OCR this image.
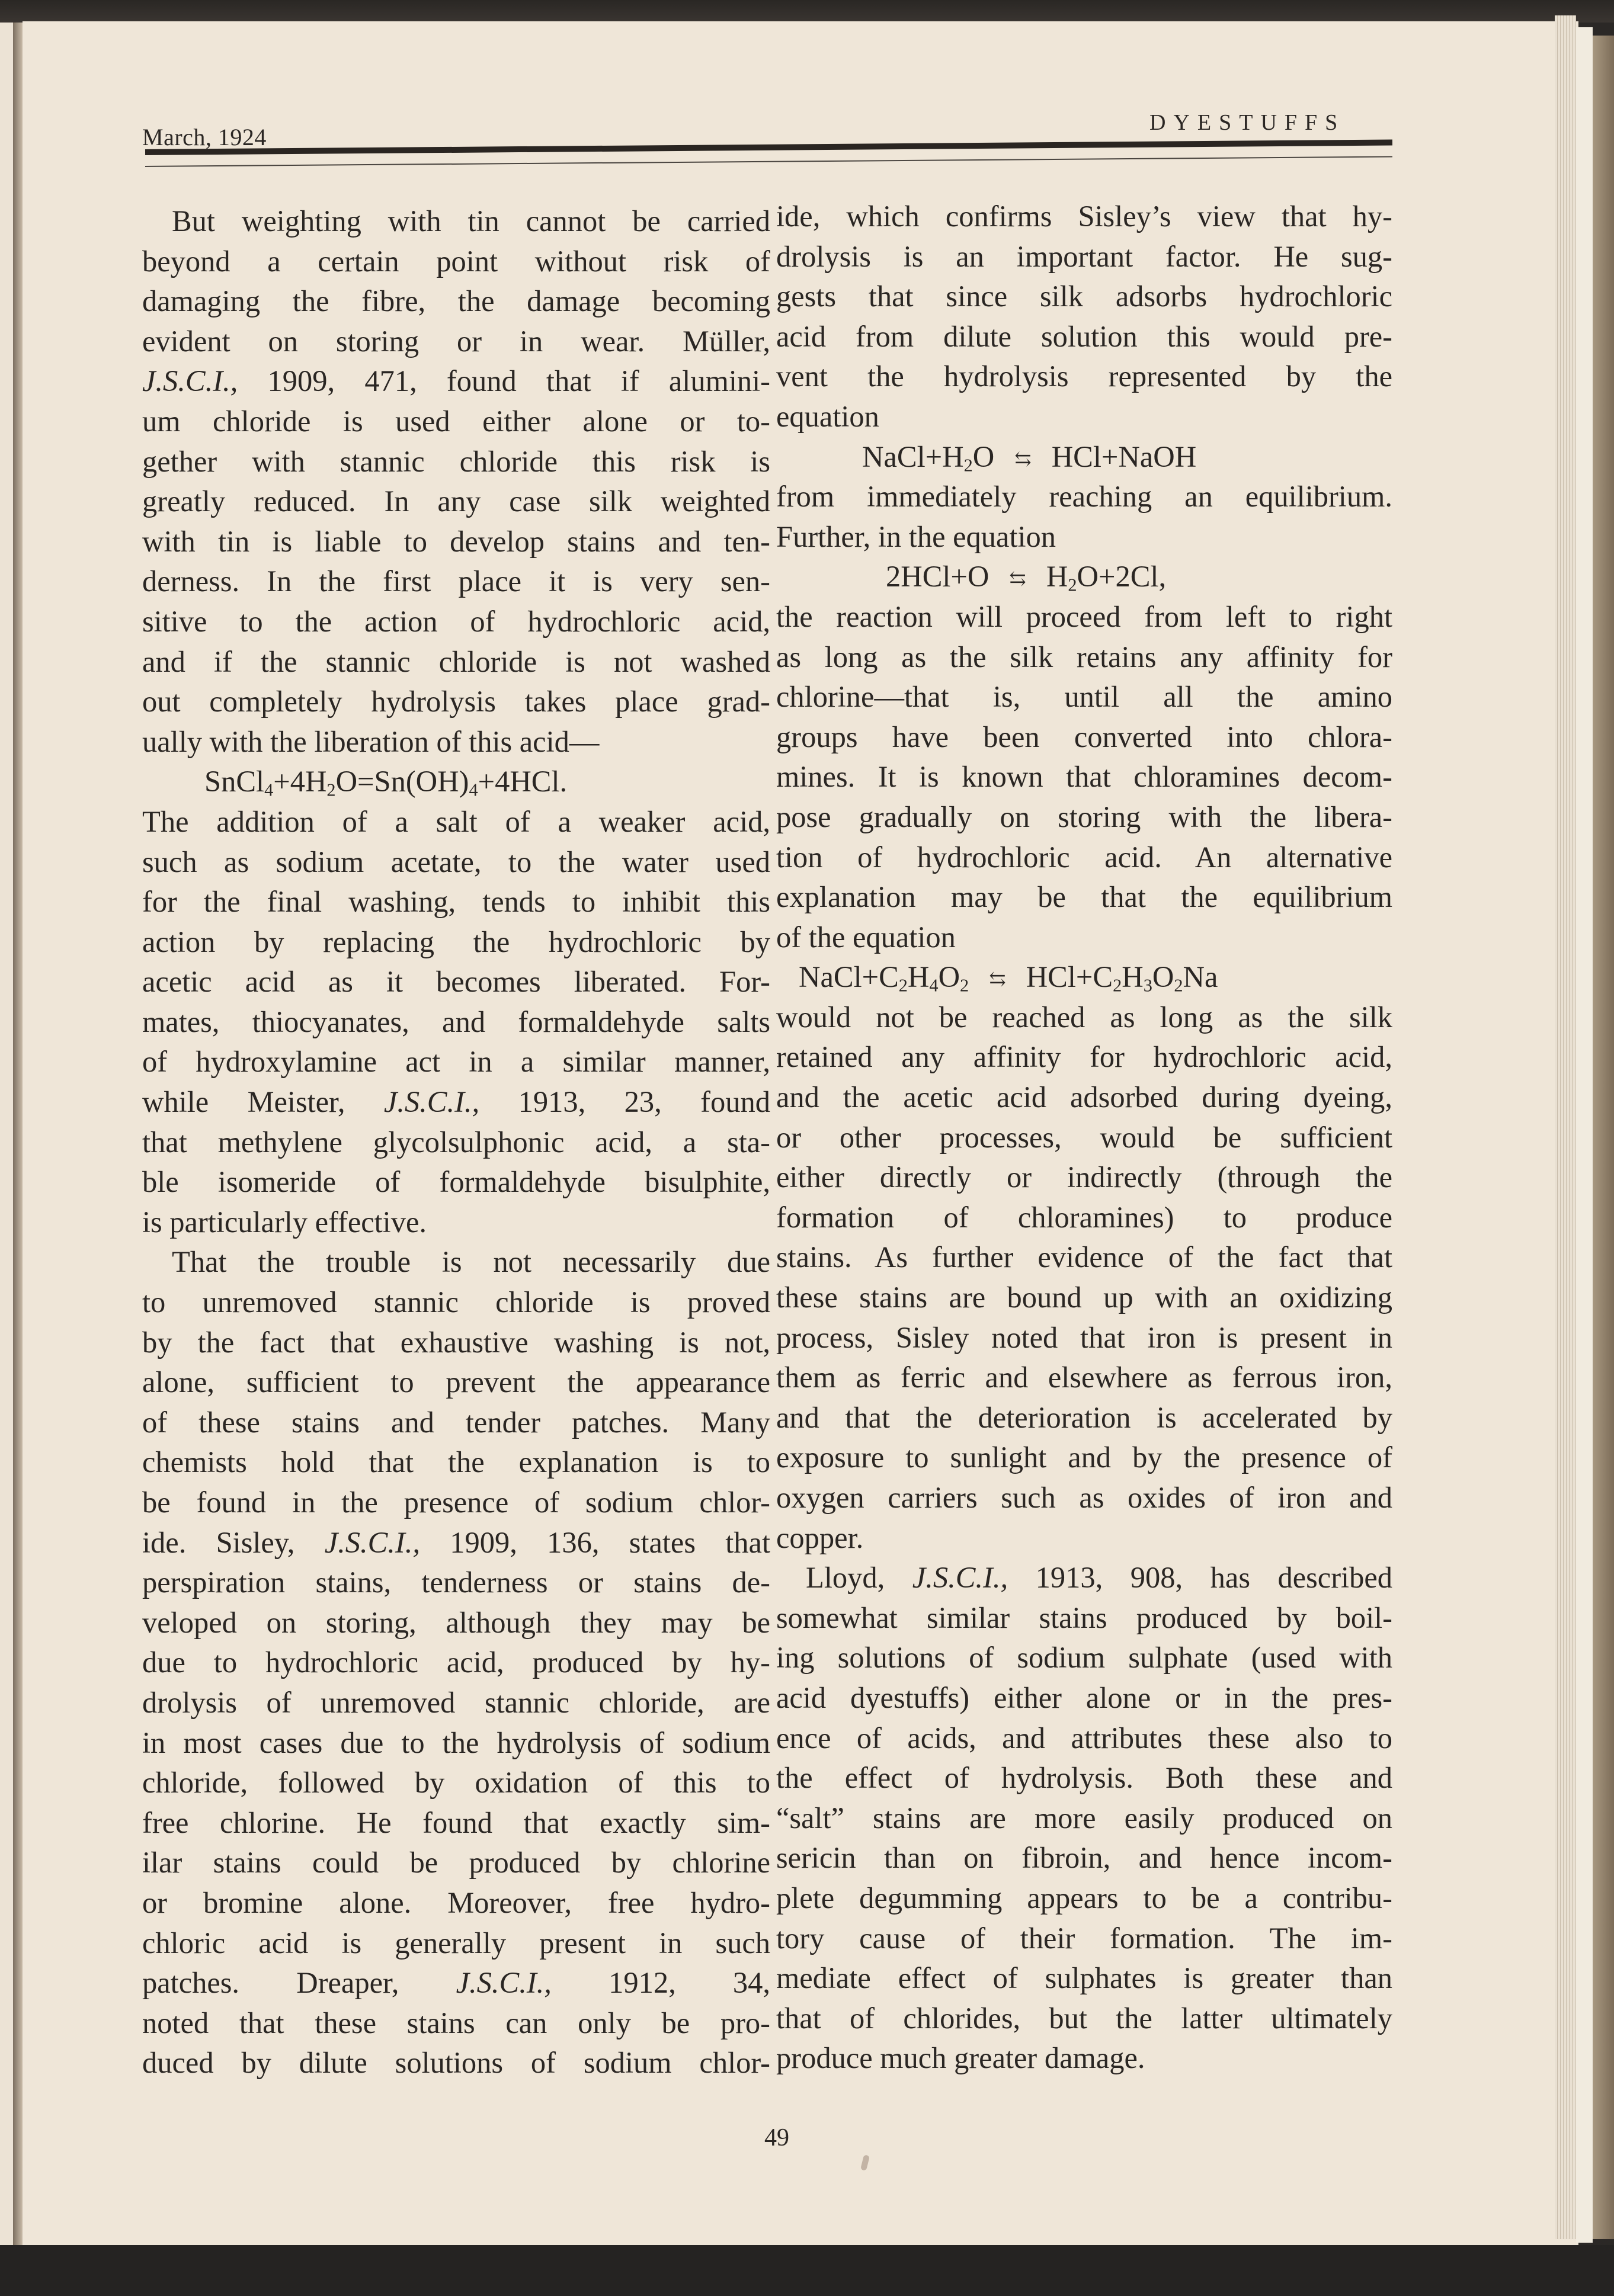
March, 1924
DYESTUFFS
But weighting with tin cannot be carried
beyond a certain point without risk of
damaging the fibre, the damage becoming
evident on storing or in wear. Müller,
J.S.C.I., 1909, 471, found that if alumini-
um chloride is used either alone or to-
gether with stannic chloride this risk is
greatly reduced. In any case silk weighted
with tin is liable to develop stains and ten-
derness. In the first place it is very sen-
sitive to the action of hydrochloric acid,
and if the stannic chloride is not washed
out completely hydrolysis takes place grad-
ually with the liberation of this acid—
$SnCl_4+4H_2O=Sn(OH)_4+4HCl$.
The addition of a salt of a weaker acid,
such as sodium acetate, to the water used
for the final washing, tends to inhibit this
action by replacing the hydrochloric by
acetic acid as it becomes liberated. For-
mates, thiocyanates, and formaldehyde salts
of hydroxylamine act in a similar manner,
while Meister, J.S.C.I., 1913, 23, found
that methylene glycolsulphonic acid, a sta-
ble isomeride of formaldehyde bisulphite,
is particularly effective.
That the trouble is not necessarily due
to unremoved stannic chloride is proved
by the fact that exhaustive washing is not,
alone, sufficient to prevent the appearance
of these stains and tender patches. Many
chemists hold that the explanation is to
be found in the presence of sodium chlor-
ide. Sisley, J.S.C.I., 1909, 136, states that
perspiration stains, tenderness or stains de-
veloped on storing, although they may be
due to hydrochloric acid, produced by hy-
drolysis of unremoved stannic chloride, are
in most cases due to the hydrolysis of sodium
chloride, followed by oxidation of this to
free chlorine. He found that exactly sim-
ilar stains could be produced by chlorine
or bromine alone. Moreover, free hydro-
chloric acid is generally present in such
patches. Dreaper, J.S.C.I., 1912, 34,
noted that these stains can only be pro-
duced by dilute solutions of sodium chlor-
ide, which confirms Sisley’s view that hy-
drolysis is an important factor. He sug-
gests that since silk adsorbs hydrochloric
acid from dilute solution this would pre-
vent the hydrolysis represented by the
equation
$NaCl+H_2O$ ⇆ HCl+NaOH
from immediately reaching an equilibrium.
Further, in the equation
2HCl+O ⇆ $H_2O+2Cl$,
the reaction will proceed from left to right
as long as the silk retains any affinity for
chlorine—that is, until all the amino
groups have been converted into chlora-
mines. It is known that chloramines decom-
pose gradually on storing with the libera-
tion of hydrochloric acid. An alternative
explanation may be that the equilibrium
of the equation
$NaCl+C_2H_4O_2$ ⇆ $HCl+C_2H_3O_2Na$
would not be reached as long as the silk
retained any affinity for hydrochloric acid,
and the acetic acid adsorbed during dyeing,
or other processes, would be sufficient
either directly or indirectly (through the
formation of chloramines) to produce
stains. As further evidence of the fact that
these stains are bound up with an oxidizing
process, Sisley noted that iron is present in
them as ferric and elsewhere as ferrous iron,
and that the deterioration is accelerated by
exposure to sunlight and by the presence of
oxygen carriers such as oxides of iron and
copper.
Lloyd, J.S.C.I., 1913, 908, has described
somewhat similar stains produced by boil-
ing solutions of sodium sulphate (used with
acid dyestuffs) either alone or in the pres-
ence of acids, and attributes these also to
the effect of hydrolysis. Both these and
“salt” stains are more easily produced on
sericin than on fibroin, and hence incom-
plete degumming appears to be a contribu-
tory cause of their formation. The im-
mediate effect of sulphates is greater than
that of chlorides, but the latter ultimately
produce much greater damage.
49
